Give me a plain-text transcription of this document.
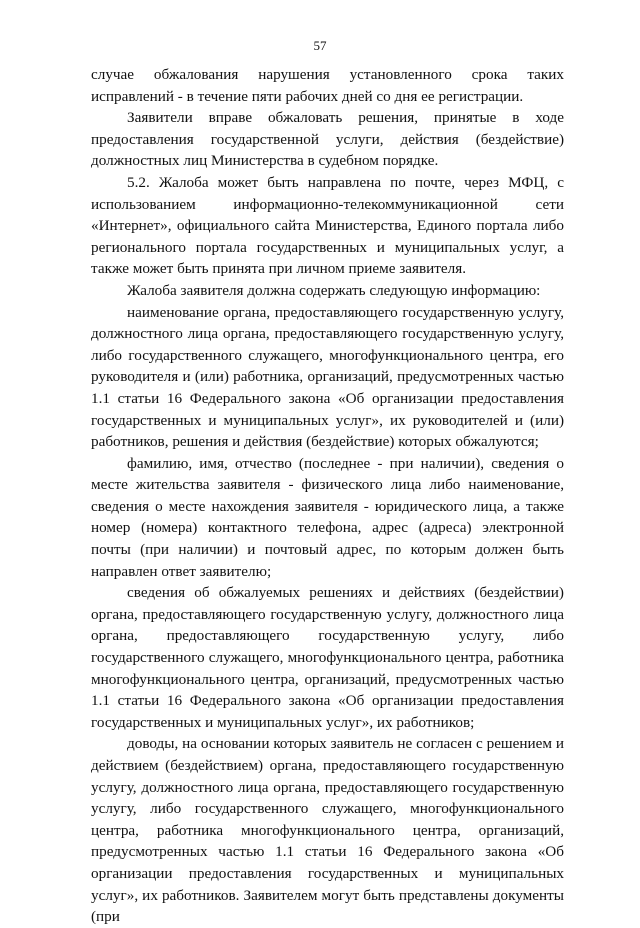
57

случае обжалования нарушения установленного срока таких исправлений - в течение пяти рабочих дней со дня ее регистрации.

Заявители вправе обжаловать решения, принятые в ходе предоставления государственной услуги, действия (бездействие) должностных лиц Министерства в судебном порядке.

5.2. Жалоба может быть направлена по почте, через МФЦ, с использованием информационно-телекоммуникационной сети «Интернет», официального сайта Министерства, Единого портала либо регионального портала государственных и муниципальных услуг, а также может быть принята при личном приеме заявителя.

Жалоба заявителя должна содержать следующую информацию:

наименование органа, предоставляющего государственную услугу, должностного лица органа, предоставляющего государственную услугу, либо государственного служащего, многофункционального центра, его руководителя и (или) работника, организаций, предусмотренных частью 1.1 статьи 16 Федерального закона «Об организации предоставления государственных и муниципальных услуг», их руководителей и (или) работников, решения и действия (бездействие) которых обжалуются;

фамилию, имя, отчество (последнее - при наличии), сведения о месте жительства заявителя - физического лица либо наименование, сведения о месте нахождения заявителя - юридического лица, а также номер (номера) контактного телефона, адрес (адреса) электронной почты (при наличии) и почтовый адрес, по которым должен быть направлен ответ заявителю;

сведения об обжалуемых решениях и действиях (бездействии) органа, предоставляющего государственную услугу, должностного лица органа, предоставляющего государственную услугу, либо государственного служащего, многофункционального центра, работника многофункционального центра, организаций, предусмотренных частью 1.1 статьи 16 Федерального закона «Об организации предоставления государственных и муниципальных услуг», их работников;

доводы, на основании которых заявитель не согласен с решением и действием (бездействием) органа, предоставляющего государственную услугу, должностного лица органа, предоставляющего государственную услугу, либо государственного служащего, многофункционального центра, работника многофункционального центра, организаций, предусмотренных частью 1.1 статьи 16 Федерального закона «Об организации предоставления государственных и муниципальных услуг», их работников. Заявителем могут быть представлены документы (при
